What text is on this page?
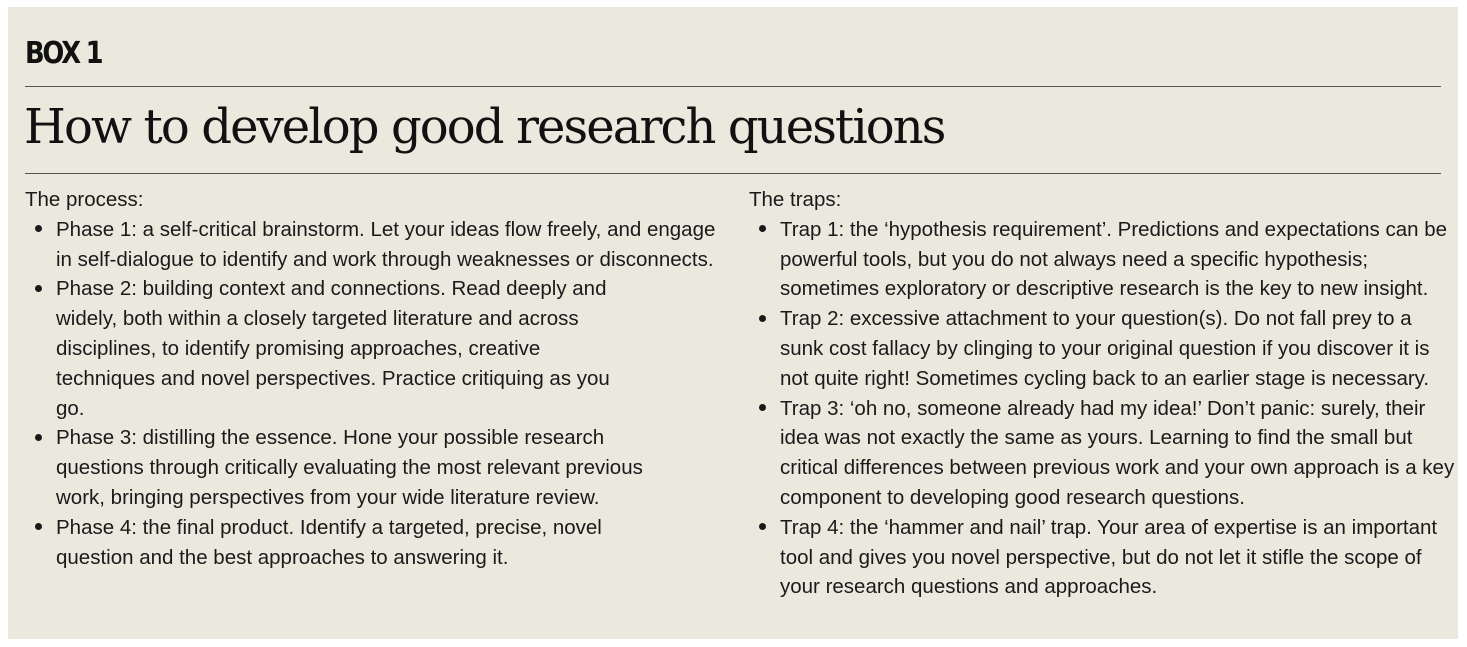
BOX 1
How to develop good research questions

The process:

Phase 1: a self-critical brainstorm. Let your ideas flow freely, and engage in self-dialogue to identify and work through weaknesses or disconnects.
Phase 2: building context and connections. Read deeply and widely, both within a closely targeted literature and across disciplines, to identify promising approaches, creative techniques and novel perspectives. Practice critiquing as you go.
Phase 3: distilling the essence. Hone your possible research questions through critically evaluating the most relevant previous work, bringing perspectives from your wide literature review.
Phase 4: the final product. Identify a targeted, precise, novel question and the best approaches to answering it.

The traps:

Trap 1: the ‘hypothesis requirement’. Predictions and expectations can be powerful tools, but you do not always need a specific hypothesis; sometimes exploratory or descriptive research is the key to new insight.
Trap 2: excessive attachment to your question(s). Do not fall prey to a sunk cost fallacy by clinging to your original question if you discover it is not quite right! Sometimes cycling back to an earlier stage is necessary.
Trap 3: ‘oh no, someone already had my idea!’ Don’t panic: surely, their idea was not exactly the same as yours. Learning to find the small but critical differences between previous work and your own approach is a key component to developing good research questions.
Trap 4: the ‘hammer and nail’ trap. Your area of expertise is an important tool and gives you novel perspective, but do not let it stifle the scope of your research questions and approaches.
